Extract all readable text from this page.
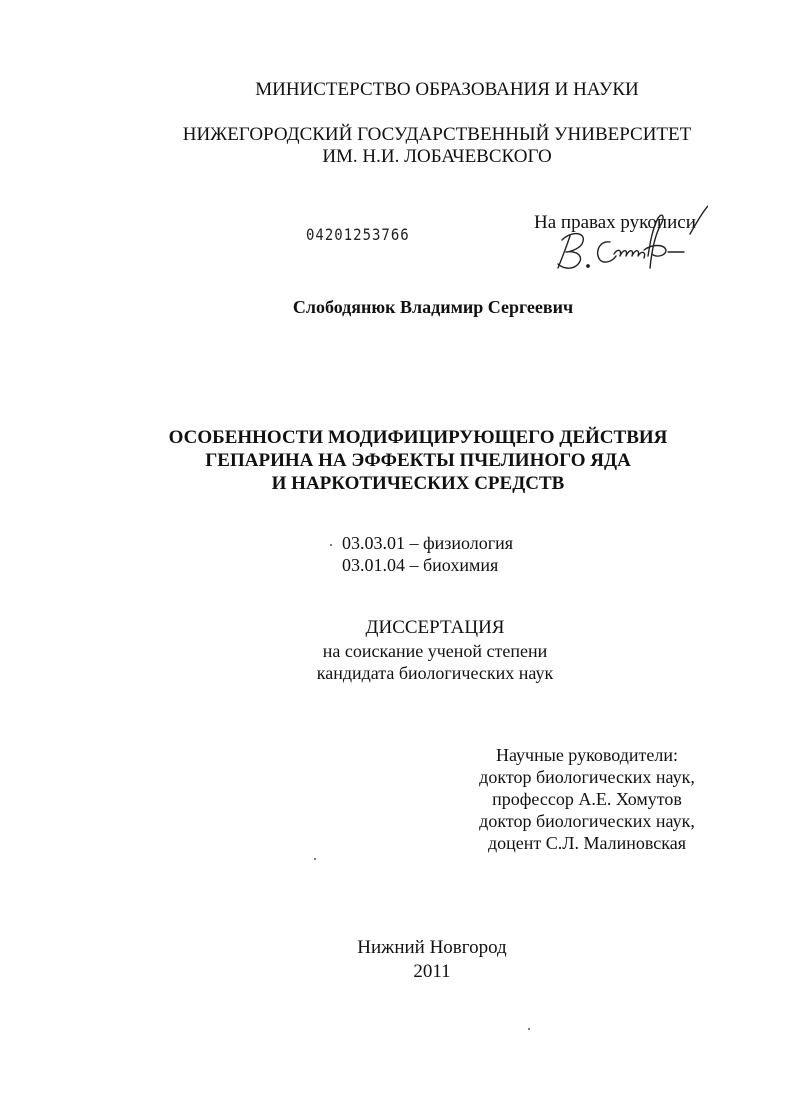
МИНИСТЕРСТВО ОБРАЗОВАНИЯ И НАУКИ
НИЖЕГОРОДСКИЙ ГОСУДАРСТВЕННЫЙ УНИВЕРСИТЕТ
ИМ. Н.И. ЛОБАЧЕВСКОГО
04201253766
На правах рукописи
Слободянюк Владимир Сергеевич
ОСОБЕННОСТИ МОДИФИЦИРУЮЩЕГО ДЕЙСТВИЯ
ГЕПАРИНА НА ЭФФЕКТЫ ПЧЕЛИНОГО ЯДА
И НАРКОТИЧЕСКИХ СРЕДСТВ
03.03.01 – физиология
03.01.04 – биохимия
ДИССЕРТАЦИЯ
на соискание ученой степени
кандидата биологических наук
Научные руководители:
доктор биологических наук,
профессор А.Е. Хомутов
доктор биологических наук,
доцент С.Л. Малиновская
Нижний Новгород
2011
